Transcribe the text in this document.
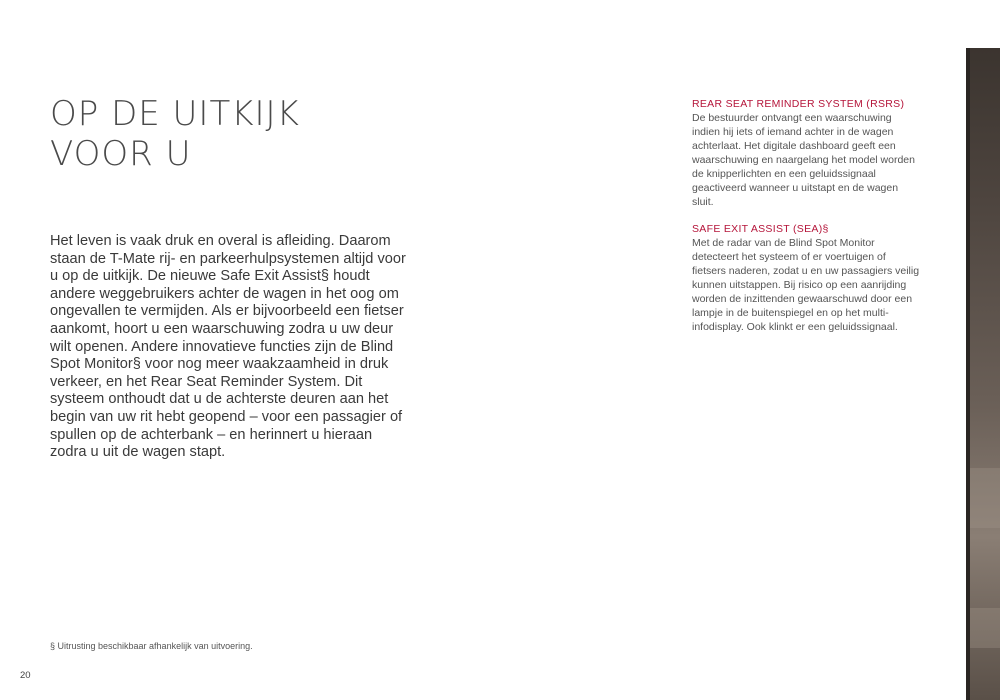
OP DE UITKIJK
VOOR U

Het leven is vaak druk en overal is afleiding. Daarom staan de T-Mate rij- en parkeerhulpsystemen altijd voor u op de uitkijk. De nieuwe Safe Exit Assist§ houdt andere weggebruikers achter de wagen in het oog om ongevallen te vermijden. Als er bijvoorbeeld een fietser aankomt, hoort u een waarschuwing zodra u uw deur wilt openen. Andere innovatieve functies zijn de Blind Spot Monitor§ voor nog meer waakzaamheid in druk verkeer, en het Rear Seat Reminder System. Dit systeem onthoudt dat u de achterste deuren aan het begin van uw rit hebt geopend – voor een passagier of spullen op de achterbank – en herinnert u hieraan zodra u uit de wagen stapt.

REAR SEAT REMINDER SYSTEM (RSRS)

De bestuurder ontvangt een waarschuwing indien hij iets of iemand achter in de wagen achterlaat. Het digitale dashboard geeft een waarschuwing en naargelang het model worden de knipperlichten en een geluidssignaal geactiveerd wanneer u uitstapt en de wagen sluit.

SAFE EXIT ASSIST (SEA)§

Met de radar van de Blind Spot Monitor detecteert het systeem of er voertuigen of fietsers naderen, zodat u en uw passagiers veilig kunnen uitstappen. Bij risico op een aanrijding worden de inzittenden gewaarschuwd door een lampje in de buitenspiegel en op het multi-infodisplay. Ook klinkt er een geluidssignaal.

§ Uitrusting beschikbaar afhankelijk van uitvoering.

20
